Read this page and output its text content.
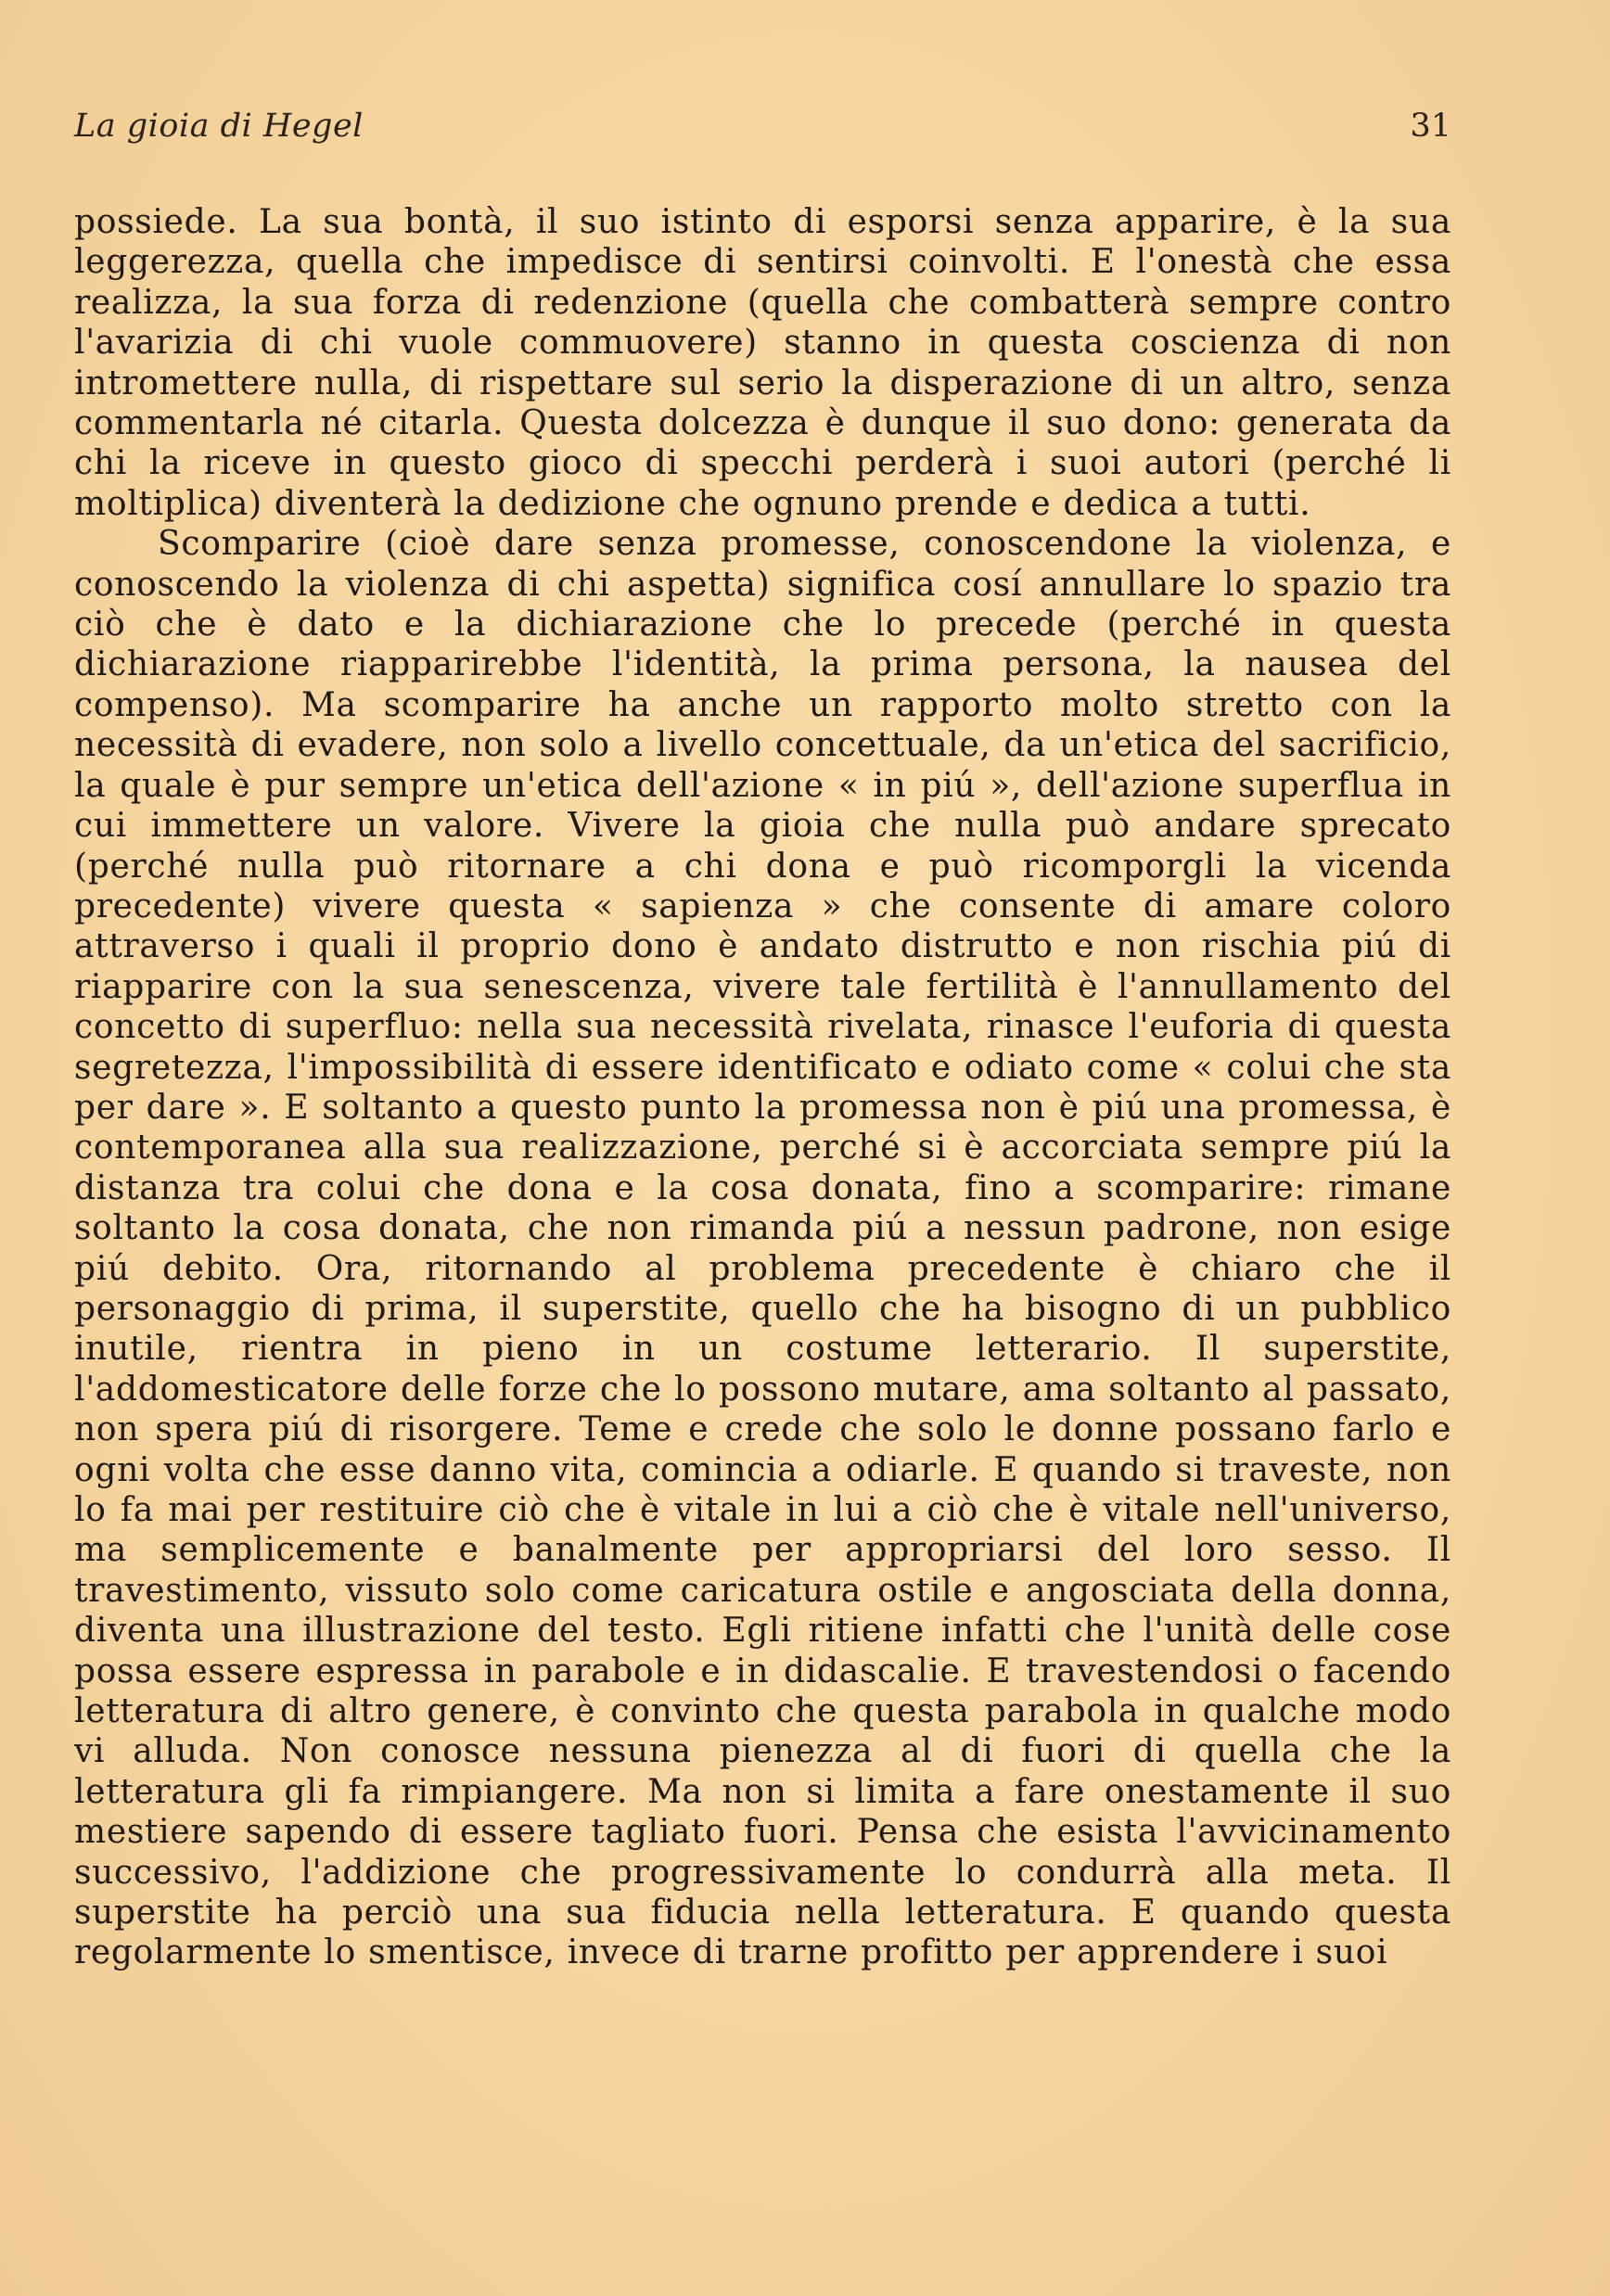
La gioia di Hegel	31

possiede. La sua bontà, il suo istinto di esporsi senza apparire, è la sua leggerezza, quella che impedisce di sentirsi coinvolti. E l'onestà che essa realizza, la sua forza di redenzione (quella che combatterà sempre contro l'avarizia di chi vuole commuovere) stanno in questa coscienza di non intromettere nulla, di rispettare sul serio la disperazione di un altro, senza commentarla né citarla. Questa dolcezza è dunque il suo dono: generata da chi la riceve in questo gioco di specchi perderà i suoi autori (perché li moltiplica) diventerà la dedizione che ognuno prende e dedica a tutti.

Scomparire (cioè dare senza promesse, conoscendone la violenza, e conoscendo la violenza di chi aspetta) significa cosí annullare lo spazio tra ciò che è dato e la dichiarazione che lo precede (perché in questa dichiarazione riapparirebbe l'identità, la prima persona, la nausea del compenso). Ma scomparire ha anche un rapporto molto stretto con la necessità di evadere, non solo a livello concettuale, da un'etica del sacrificio, la quale è pur sempre un'etica dell'azione « in piú », dell'azione superflua in cui immettere un valore. Vivere la gioia che nulla può andare sprecato (perché nulla può ritornare a chi dona e può ricomporgli la vicenda precedente) vivere questa « sapienza » che consente di amare coloro attraverso i quali il proprio dono è andato distrutto e non rischia piú di riapparire con la sua senescenza, vivere tale fertilità è l'annullamento del concetto di superfluo: nella sua necessità rivelata, rinasce l'euforia di questa segretezza, l'impossibilità di essere identificato e odiato come « colui che sta per dare ». E soltanto a questo punto la promessa non è piú una promessa, è contemporanea alla sua realizzazione, perché si è accorciata sempre piú la distanza tra colui che dona e la cosa donata, fino a scomparire: rimane soltanto la cosa donata, che non rimanda piú a nessun padrone, non esige piú debito. Ora, ritornando al problema precedente è chiaro che il personaggio di prima, il superstite, quello che ha bisogno di un pubblico inutile, rientra in pieno in un costume letterario. Il superstite, l'addomesticatore delle forze che lo possono mutare, ama soltanto al passato, non spera piú di risorgere. Teme e crede che solo le donne possano farlo e ogni volta che esse danno vita, comincia a odiarle. E quando si traveste, non lo fa mai per restituire ciò che è vitale in lui a ciò che è vitale nell'universo, ma semplicemente e banalmente per appropriarsi del loro sesso. Il travestimento, vissuto solo come caricatura ostile e angosciata della donna, diventa una illustrazione del testo. Egli ritiene infatti che l'unità delle cose possa essere espressa in parabole e in didascalie. E travestendosi o facendo letteratura di altro genere, è convinto che questa parabola in qualche modo vi alluda. Non conosce nessuna pienezza al di fuori di quella che la letteratura gli fa rimpiangere. Ma non si limita a fare onestamente il suo mestiere sapendo di essere tagliato fuori. Pensa che esista l'avvicinamento successivo, l'addizione che progressivamente lo condurrà alla meta. Il superstite ha perciò una sua fiducia nella letteratura. E quando questa regolarmente lo smentisce, invece di trarne profitto per apprendere i suoi
